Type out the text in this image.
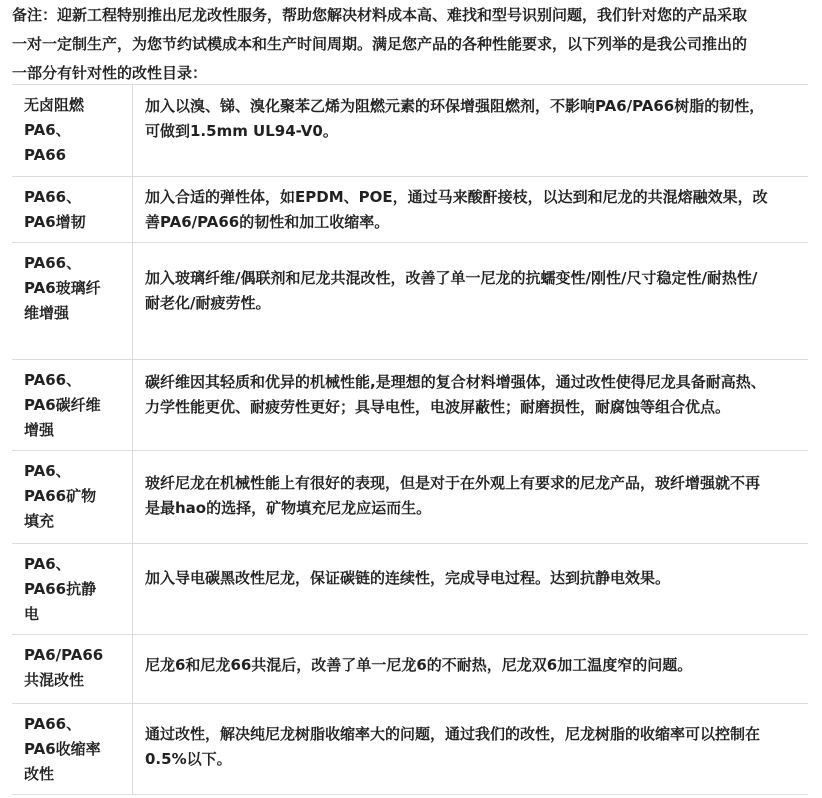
备注：迎新工程特别推出尼龙改性服务，帮助您解决材料成本高、难找和型号识别问题，我们针对您的产品采取
一对一定制生产，为您节约试模成本和生产时间周期。满足您产品的各种性能要求，以下列举的是我公司推出的
一部分有针对性的改性目录：
无卤阻燃
PA6、
PA66	加入以溴、锑、溴化聚苯乙烯为阻燃元素的环保增强阻燃剂，不影响PA6/PA66树脂的韧性，
可做到1.5mm UL94-V0。

PA66、
PA6增韧	加入合适的弹性体，如EPDM、POE，通过马来酸酐接枝，以达到和尼龙的共混熔融效果，改
善PA6/PA66的韧性和加工收缩率。

PA66、
PA6玻璃纤
维增强	加入玻璃纤维/偶联剂和尼龙共混改性，改善了单一尼龙的抗蠕变性/刚性/尺寸稳定性/耐热性/
耐老化/耐疲劳性。

PA66、
PA6碳纤维
增强	碳纤维因其轻质和优异的机械性能,是理想的复合材料增强体，通过改性使得尼龙具备耐高热、
力学性能更优、耐疲劳性更好；具导电性，电波屏蔽性；耐磨损性，耐腐蚀等组合优点。

PA6、
PA66矿物
填充	玻纤尼龙在机械性能上有很好的表现，但是对于在外观上有要求的尼龙产品，玻纤增强就不再
是最hao的选择，矿物填充尼龙应运而生。

PA6、
PA66抗静
电	加入导电碳黑改性尼龙，保证碳链的连续性，完成导电过程。达到抗静电效果。

PA6/PA66
共混改性	尼龙6和尼龙66共混后，改善了单一尼龙6的不耐热，尼龙双6加工温度窄的问题。

PA66、
PA6收缩率
改性	通过改性，解决纯尼龙树脂收缩率大的问题，通过我们的改性，尼龙树脂的收缩率可以控制在
0.5%以下。
